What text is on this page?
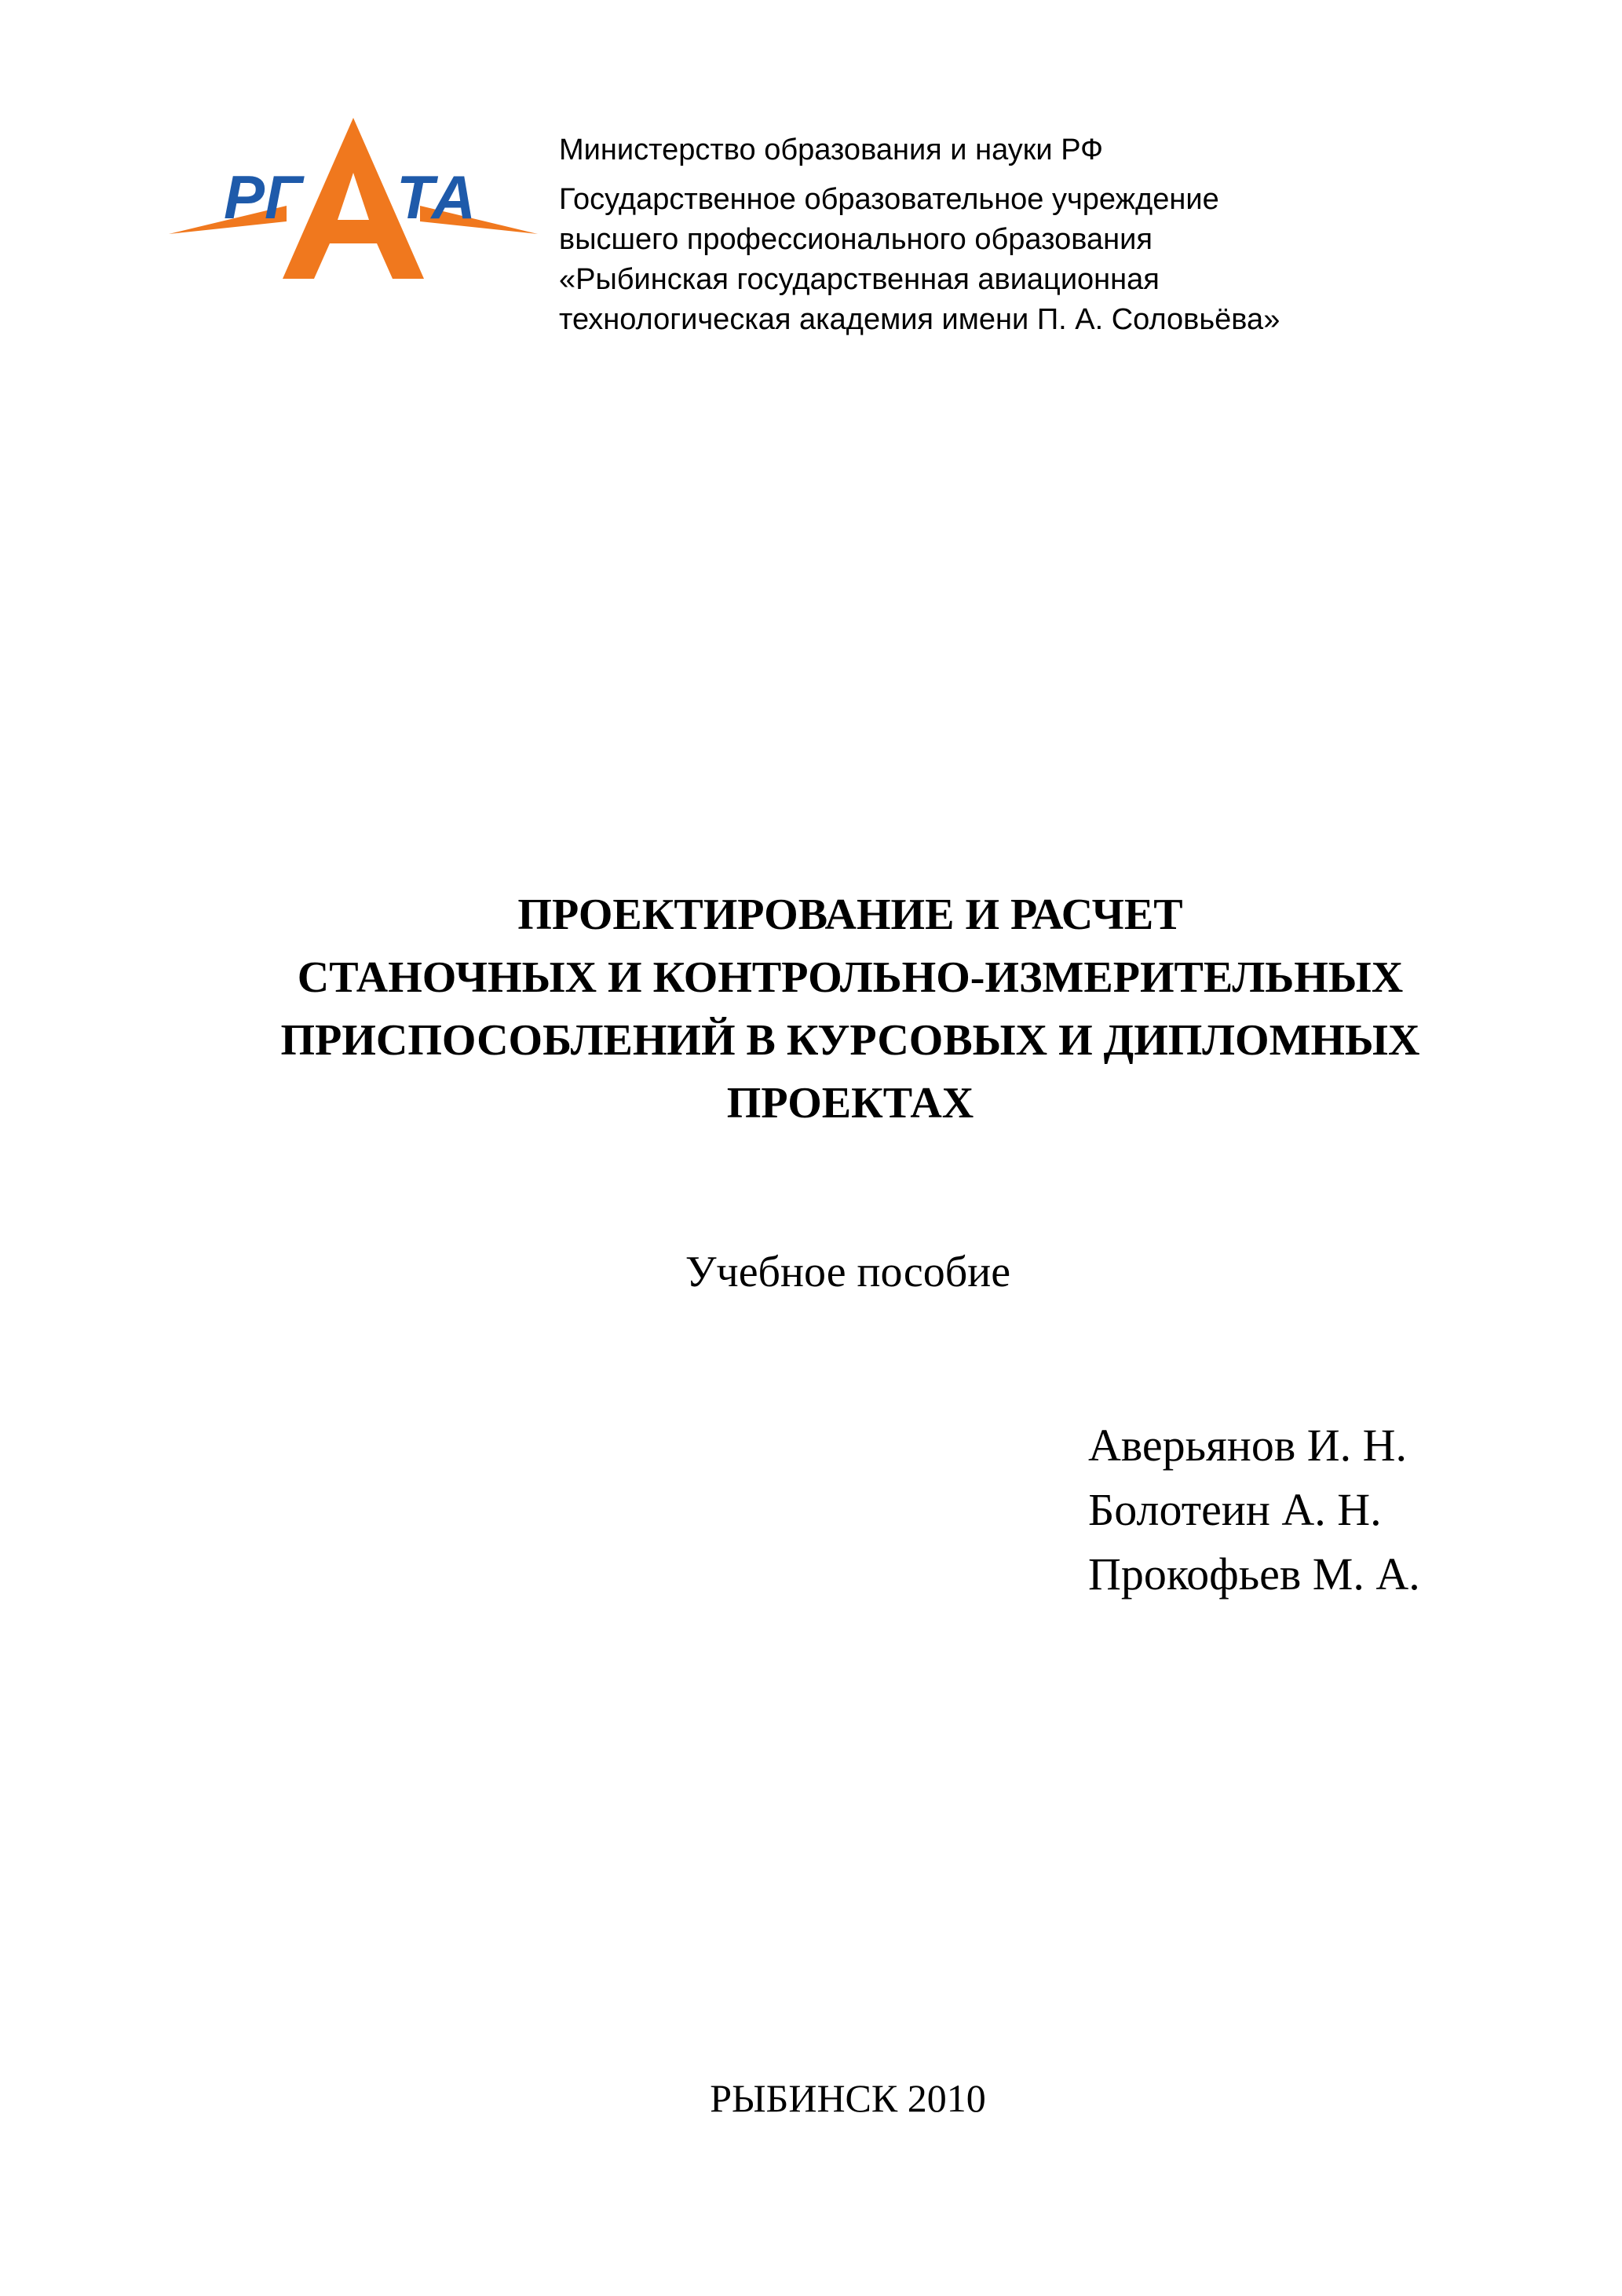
РГ ТА
РГАТА

Министерство образования и науки РФ

Государственное образовательное учреждение
высшего профессионального образования
«Рыбинская государственная авиационная
технологическая академия имени П. А. Соловьёва»

ПРОЕКТИРОВАНИЕ И РАСЧЕТ
СТАНОЧНЫХ И КОНТРОЛЬНО-ИЗМЕРИТЕЛЬНЫХ
ПРИСПОСОБЛЕНИЙ В КУРСОВЫХ И ДИПЛОМНЫХ
ПРОЕКТАХ
Учебное пособие
Аверьянов И. Н.
Болотеин А. Н.
Прокофьев М. А.
РЫБИНСК 2010
